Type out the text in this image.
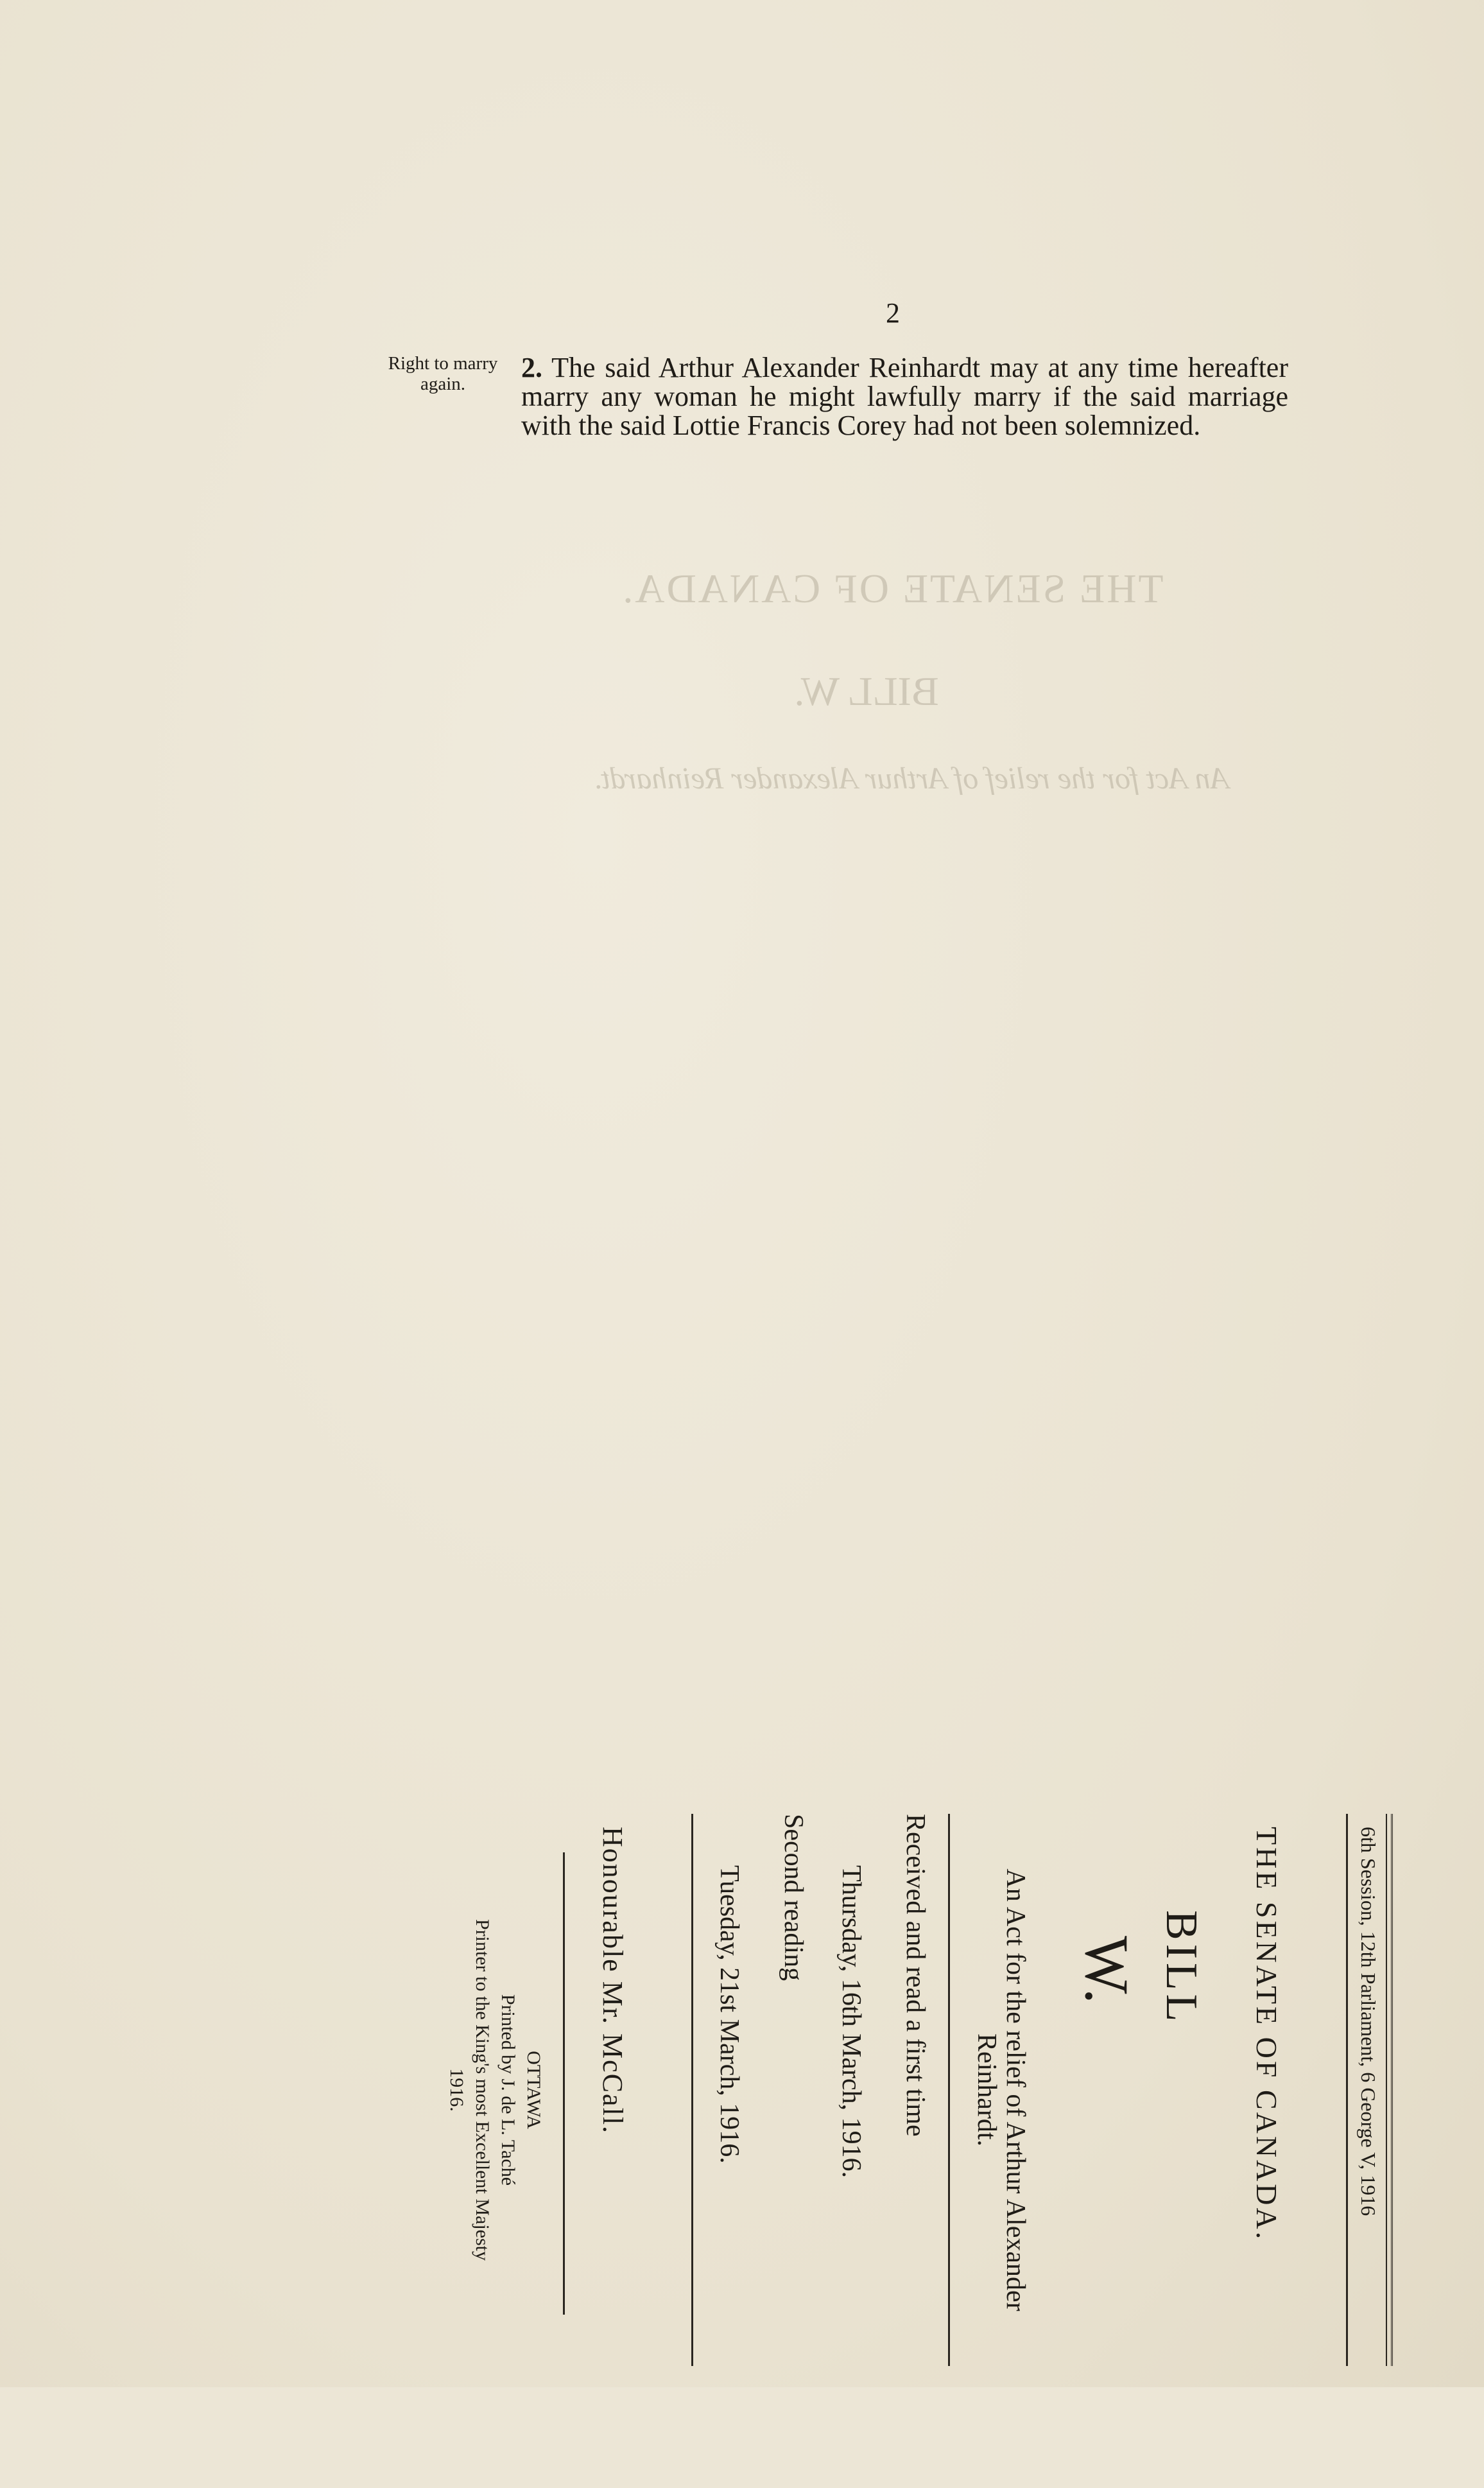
2
Right to marry again.
2. The said Arthur Alexander Reinhardt may at any time hereafter marry any woman he might lawfully marry if the said marriage with the said Lottie Francis Corey had not been solemnized.
THE SENATE OF CANADA.
BILL W.
An Act for the relief of Arthur Alexander Reinhardt.
6th Session, 12th Parliament, 6 George V, 1916
THE SENATE OF CANADA.
BILL
W.
An Act for the relief of Arthur Alexander
Reinhardt.
Received and read a first time
Thursday, 16th March, 1916.
Second reading
Tuesday, 21st March, 1916.
Honourable Mr. McCall.
OTTAWA
Printed by J. de L. Taché
Printer to the King's most Excellent Majesty
1916.
